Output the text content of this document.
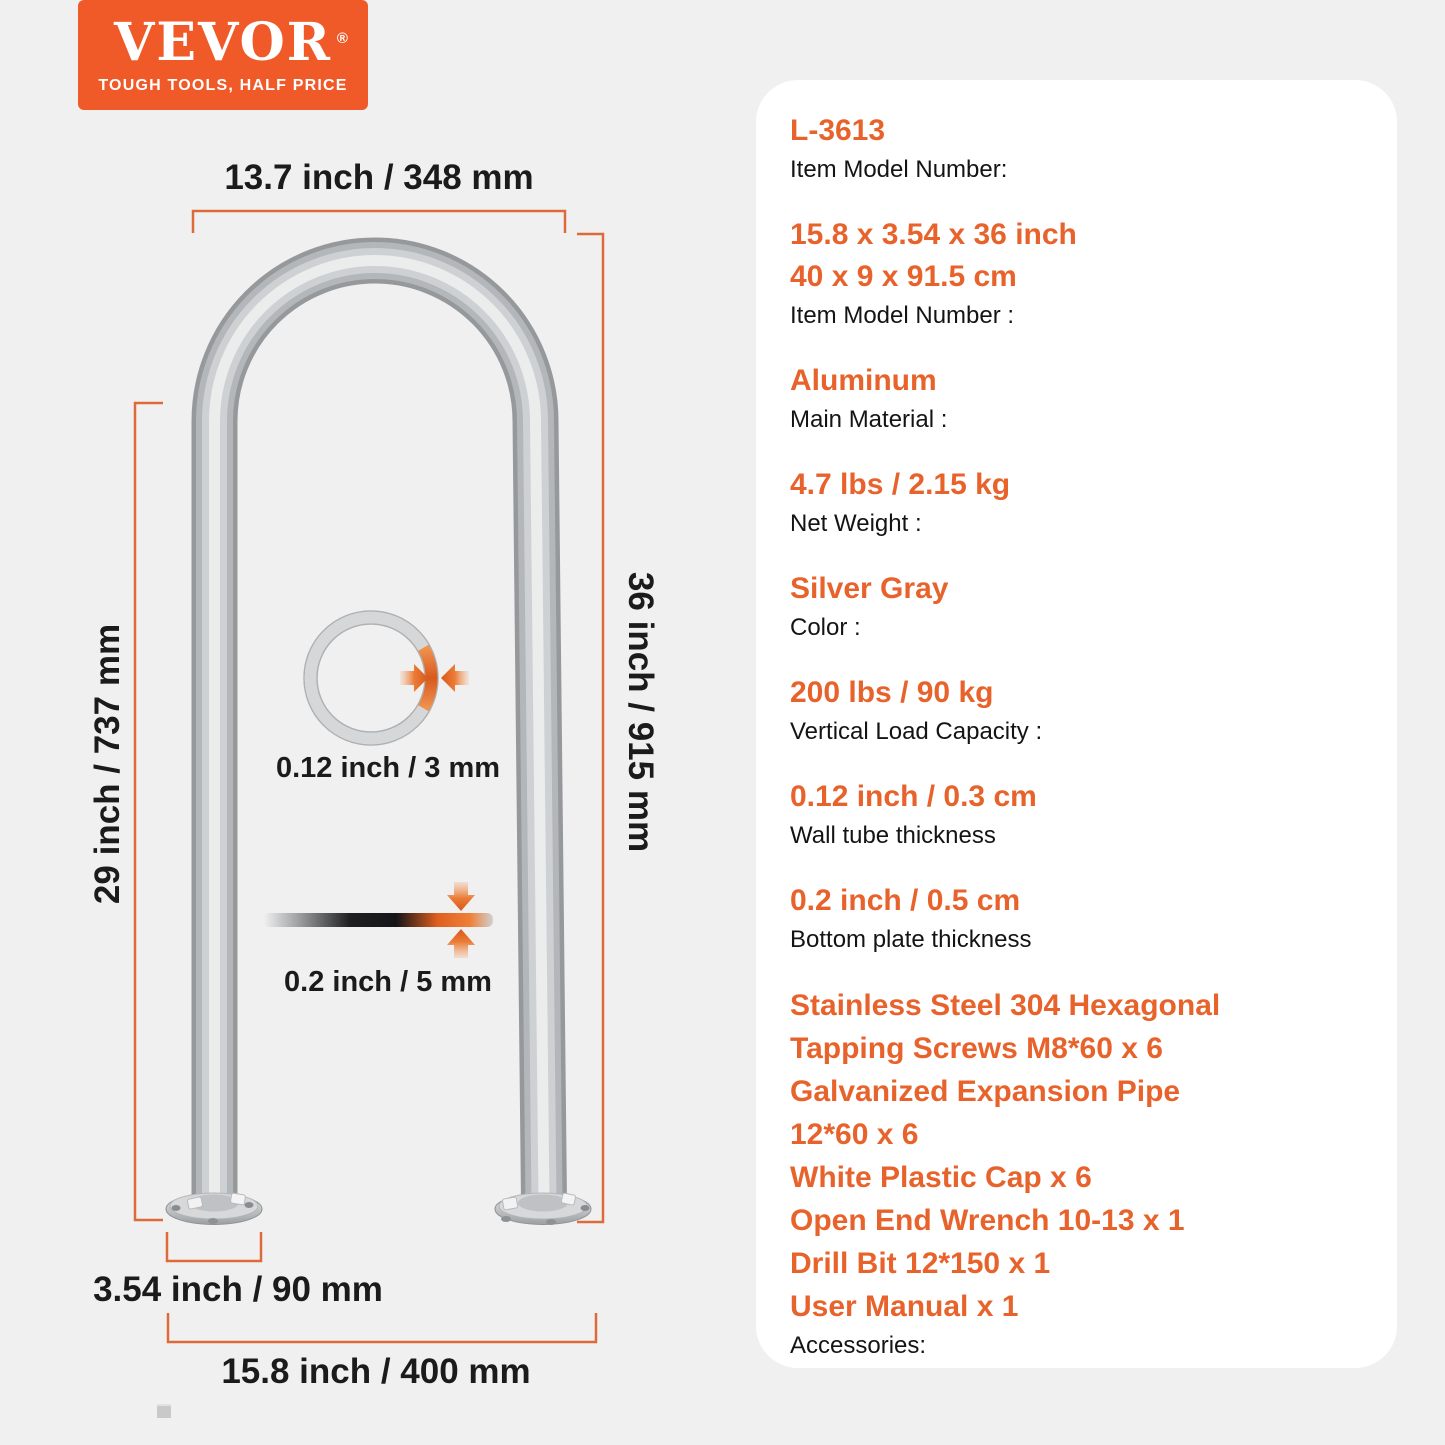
VEVOR ®
TOUGH TOOLS, HALF PRICE
13.7 inch / 348 mm
36 inch / 915 mm
29 inch / 737 mm	0.12 inch / 3 mm
0.2 inch / 5 mm
3.54 inch / 90 mm
15.8 inch / 400 mm
L-3613
Item Model Number:
15.8 x 3.54 x 36 inch
40 x 9 x 91.5 cm
Item Model Number :
Aluminum
Main Material :
4.7 lbs / 2.15 kg
Net Weight :
Silver Gray
Color :
200 lbs / 90 kg
Vertical Load Capacity :
0.12 inch / 0.3 cm
Wall tube thickness
0.2 inch / 0.5 cm
Bottom plate thickness
Stainless Steel 304 Hexagonal
Tapping Screws M8*60 x 6
Galvanized Expansion Pipe
12*60 x 6
White Plastic Cap x 6
Open End Wrench 10-13 x 1
Drill Bit 12*150 x 1
User Manual x 1
Accessories:
